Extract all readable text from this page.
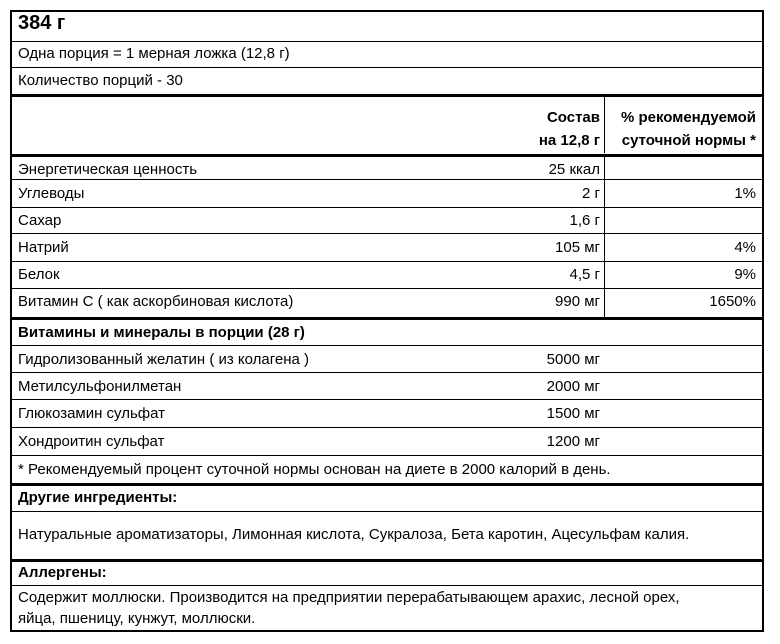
384 г
Одна порция = 1 мерная ложка (12,8 г)
Количество порций - 30
Состав
на 12,8 г
% рекомендуемой
суточной нормы *
Энергетическая ценность	25 ккал
Углеводы	2 г	1%
Сахар	1,6 г
Натрий	105 мг	4%
Белок	4,5 г	9%
Витамин С ( как аскорбиновая кислота)	990 мг	1650%
Витамины и минералы в порции (28 г)
Гидролизованный желатин ( из колагена )	5000 мг
Метилсульфонилметан	2000 мг
Глюкозамин сульфат	1500 мг
Хондроитин сульфат	1200 мг
* Рекомендуемый процент суточной нормы основан на диете в 2000 калорий в день.
Другие ингредиенты:
Натуральные ароматизаторы, Лимонная кислота, Сукралоза, Бета каротин, Ацесульфам калия.
Аллергены:
Содержит моллюски. Производится на предприятии перерабатывающем арахис, лесной орех,
яйца, пшеницу, кунжут, моллюски.
